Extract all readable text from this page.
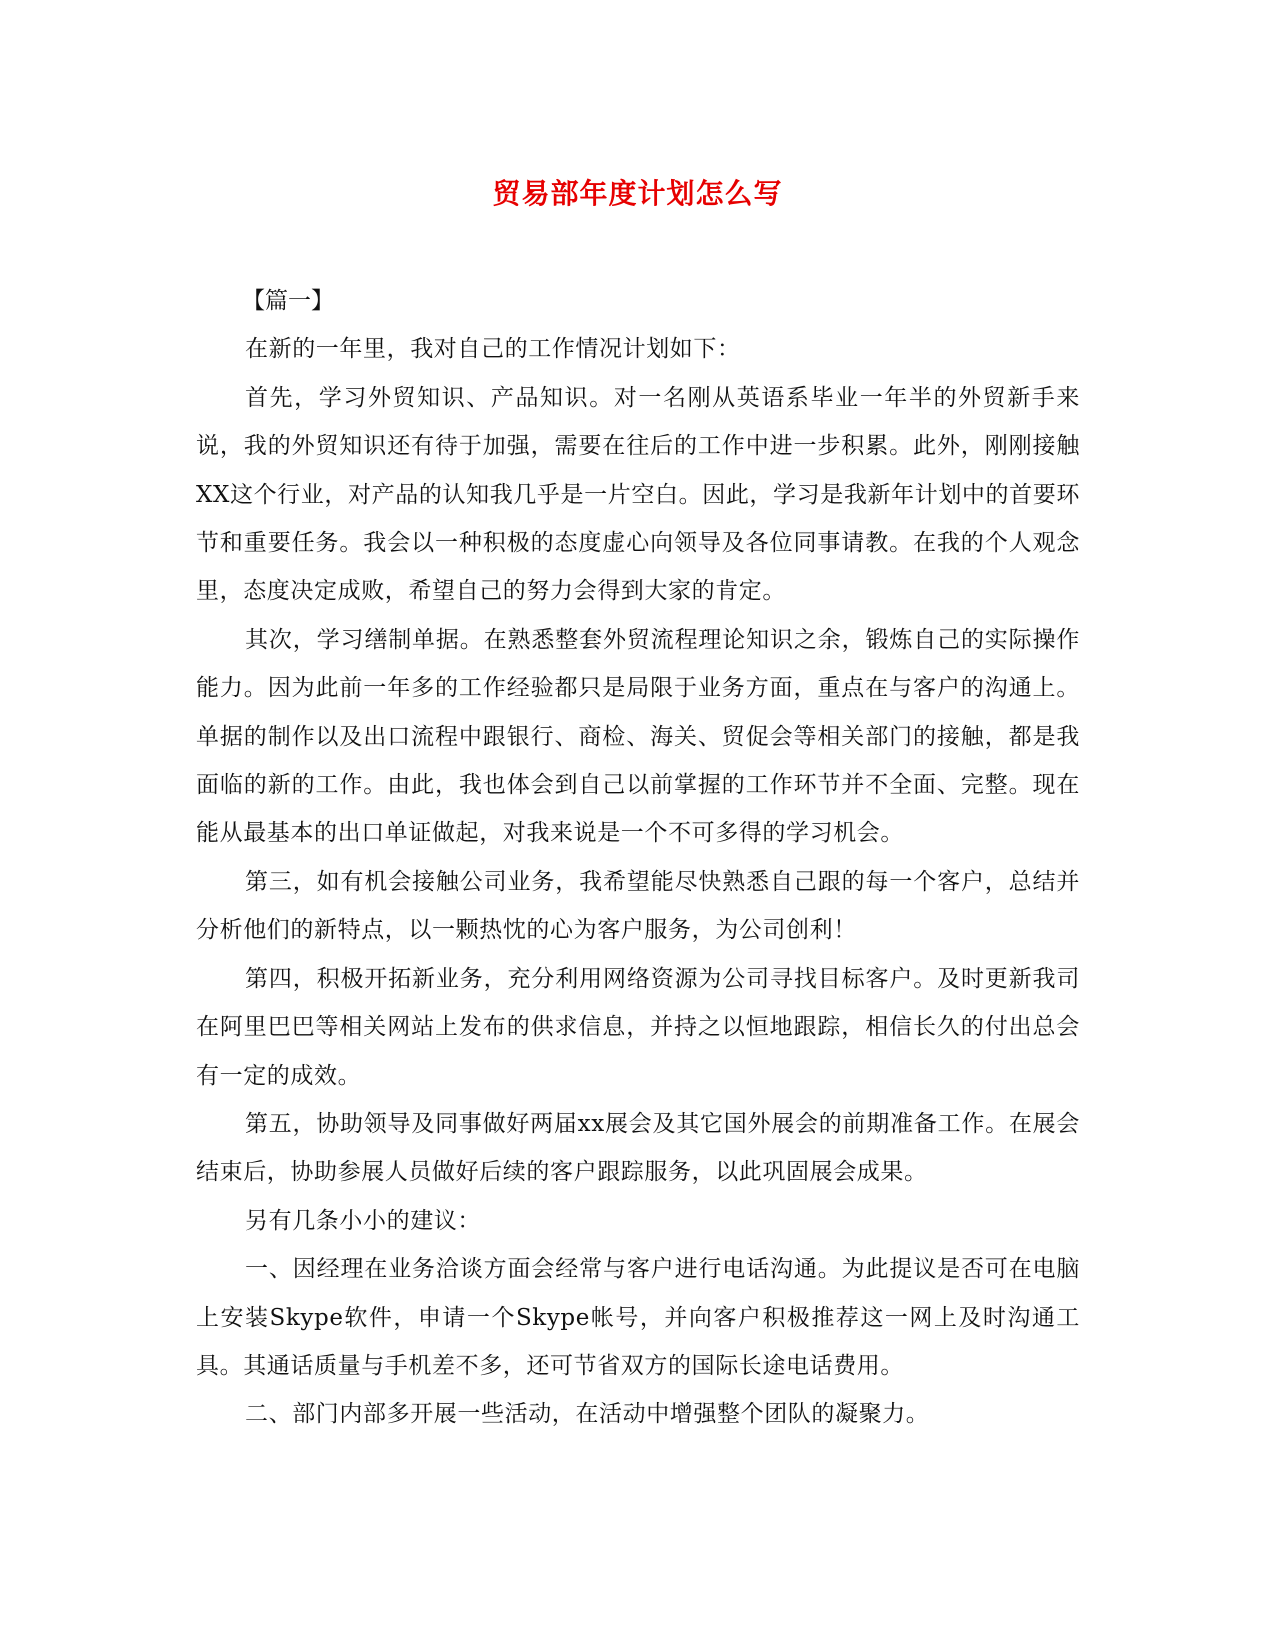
贸易部年度计划怎么写

【篇一】

在新的一年里，我对自己的工作情况计划如下：

首先，学习外贸知识、产品知识。对一名刚从英语系毕业一年半的外贸新手来说，我的外贸知识还有待于加强，需要在往后的工作中进一步积累。此外，刚刚接触XX这个行业，对产品的认知我几乎是一片空白。因此，学习是我新年计划中的首要环节和重要任务。我会以一种积极的态度虚心向领导及各位同事请教。在我的个人观念里，态度决定成败，希望自己的努力会得到大家的肯定。

其次，学习缮制单据。在熟悉整套外贸流程理论知识之余，锻炼自己的实际操作能力。因为此前一年多的工作经验都只是局限于业务方面，重点在与客户的沟通上。单据的制作以及出口流程中跟银行、商检、海关、贸促会等相关部门的接触，都是我面临的新的工作。由此，我也体会到自己以前掌握的工作环节并不全面、完整。现在能从最基本的出口单证做起，对我来说是一个不可多得的学习机会。

第三，如有机会接触公司业务，我希望能尽快熟悉自己跟的每一个客户，总结并分析他们的新特点，以一颗热忱的心为客户服务，为公司创利！

第四，积极开拓新业务，充分利用网络资源为公司寻找目标客户。及时更新我司在阿里巴巴等相关网站上发布的供求信息，并持之以恒地跟踪，相信长久的付出总会有一定的成效。

第五，协助领导及同事做好两届xx展会及其它国外展会的前期准备工作。在展会结束后，协助参展人员做好后续的客户跟踪服务，以此巩固展会成果。

另有几条小小的建议：

一、因经理在业务洽谈方面会经常与客户进行电话沟通。为此提议是否可在电脑上安装Skype软件，申请一个Skype帐号，并向客户积极推荐这一网上及时沟通工具。其通话质量与手机差不多，还可节省双方的国际长途电话费用。

二、部门内部多开展一些活动，在活动中增强整个团队的凝聚力。
